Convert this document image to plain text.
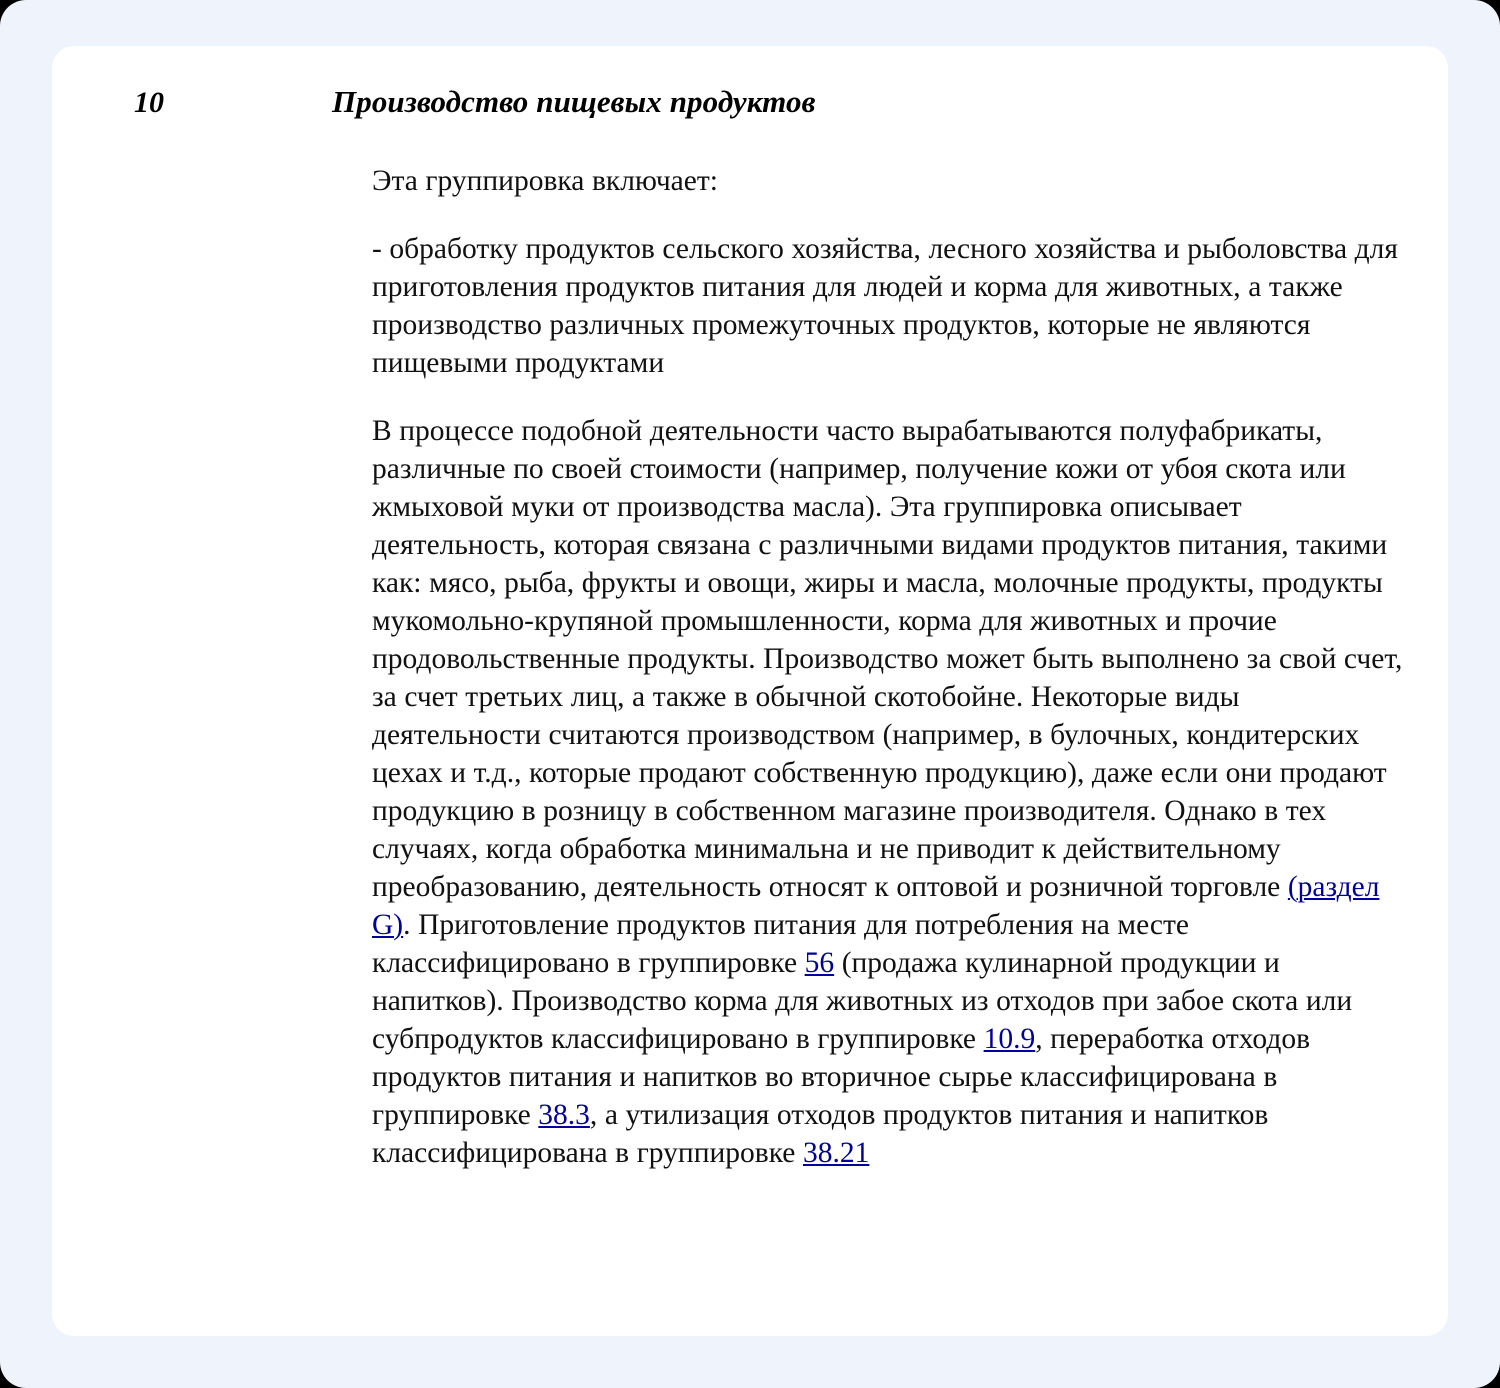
10	Производство пищевых продуктов

Эта группировка включает:

- обработку продуктов сельского хозяйства, лесного хозяйства и рыболовства для приготовления продуктов питания для людей и корма для животных, а также производство различных промежуточных продуктов, которые не являются пищевыми продуктами

В процессе подобной деятельности часто вырабатываются полуфабрикаты, различные по своей стоимости (например, получение кожи от убоя скота или жмыховой муки от производства масла). Эта группировка описывает деятельность, которая связана с различными видами продуктов питания, такими как: мясо, рыба, фрукты и овощи, жиры и масла, молочные продукты, продукты мукомольно-крупяной промышленности, корма для животных и прочие продовольственные продукты. Производство может быть выполнено за свой счет, за счет третьих лиц, а также в обычной скотобойне. Некоторые виды деятельности считаются производством (например, в булочных, кондитерских цехах и т.д., которые продают собственную продукцию), даже если они продают продукцию в розницу в собственном магазине производителя. Однако в тех случаях, когда обработка минимальна и не приводит к действительному преобразованию, деятельность относят к оптовой и розничной торговле (раздел G). Приготовление продуктов питания для потребления на месте классифицировано в группировке 56 (продажа кулинарной продукции и напитков). Производство корма для животных из отходов при забое скота или субпродуктов классифицировано в группировке 10.9, переработка отходов продуктов питания и напитков во вторичное сырье классифицирована в группировке 38.3, а утилизация отходов продуктов питания и напитков классифицирована в группировке 38.21
